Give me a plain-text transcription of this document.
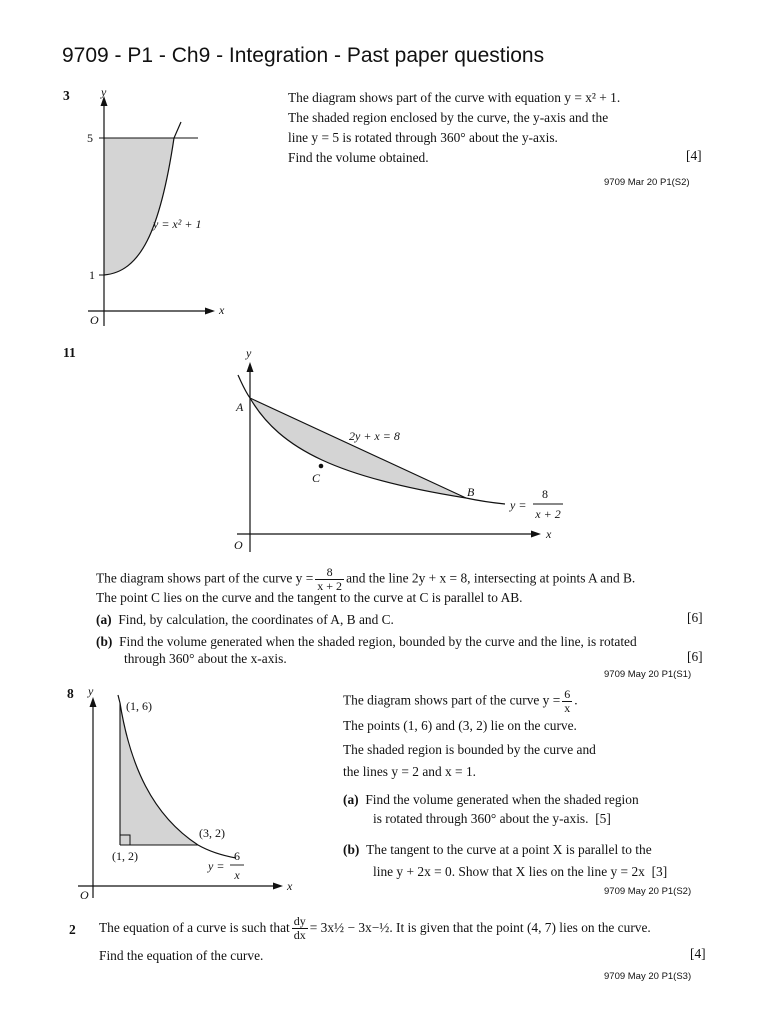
9709 - P1 - Ch9 - Integration - Past paper questions
3	y
x
O
5
1
y = x² + 1
The diagram shows part of the curve with equation y = x² + 1.
The shaded region enclosed by the curve, the y-axis and the
line y = 5 is rotated through 360° about the y-axis.
Find the volume obtained.	[4]
9709 Mar 20 P1(S2)
11	y
x
O
A
B
C
2y + x = 8
y =
8
x + 2
The diagram shows part of the curve $y = \frac{8}{x + 2}$ and the line 2y + x = 8, intersecting at points A and B.
The point C lies on the curve and the tangent to the curve at C is parallel to AB.
(a) Find, by calculation, the coordinates of A, B and C.	[6]
(b) Find the volume generated when the shaded region, bounded by the curve and the line, is rotated
through 360° about the x-axis.	[6]
9709 May 20 P1(S1)
8 y
x
O
(1, 6)
(3, 2)
(1, 2)
y =
6
x
The diagram shows part of the curve $y = \frac{6}{x}$ .
The points (1, 6) and (3, 2) lie on the curve.
The shaded region is bounded by the curve and
the lines y = 2 and x = 1.
(a) Find the volume generated when the shaded region
is rotated through 360° about the y-axis. [5]
(b) The tangent to the curve at a point X is parallel to the
line y + 2x = 0. Show that X lies on the line y = 2x [3]
9709 May 20 P1(S2)
2 The equation of a curve is such that $\frac{dy}{dx}$ = 3x½ − 3x−½. It is given that the point (4, 7) lies on the curve.
Find the equation of the curve.	[4]
9709 May 20 P1(S3)
